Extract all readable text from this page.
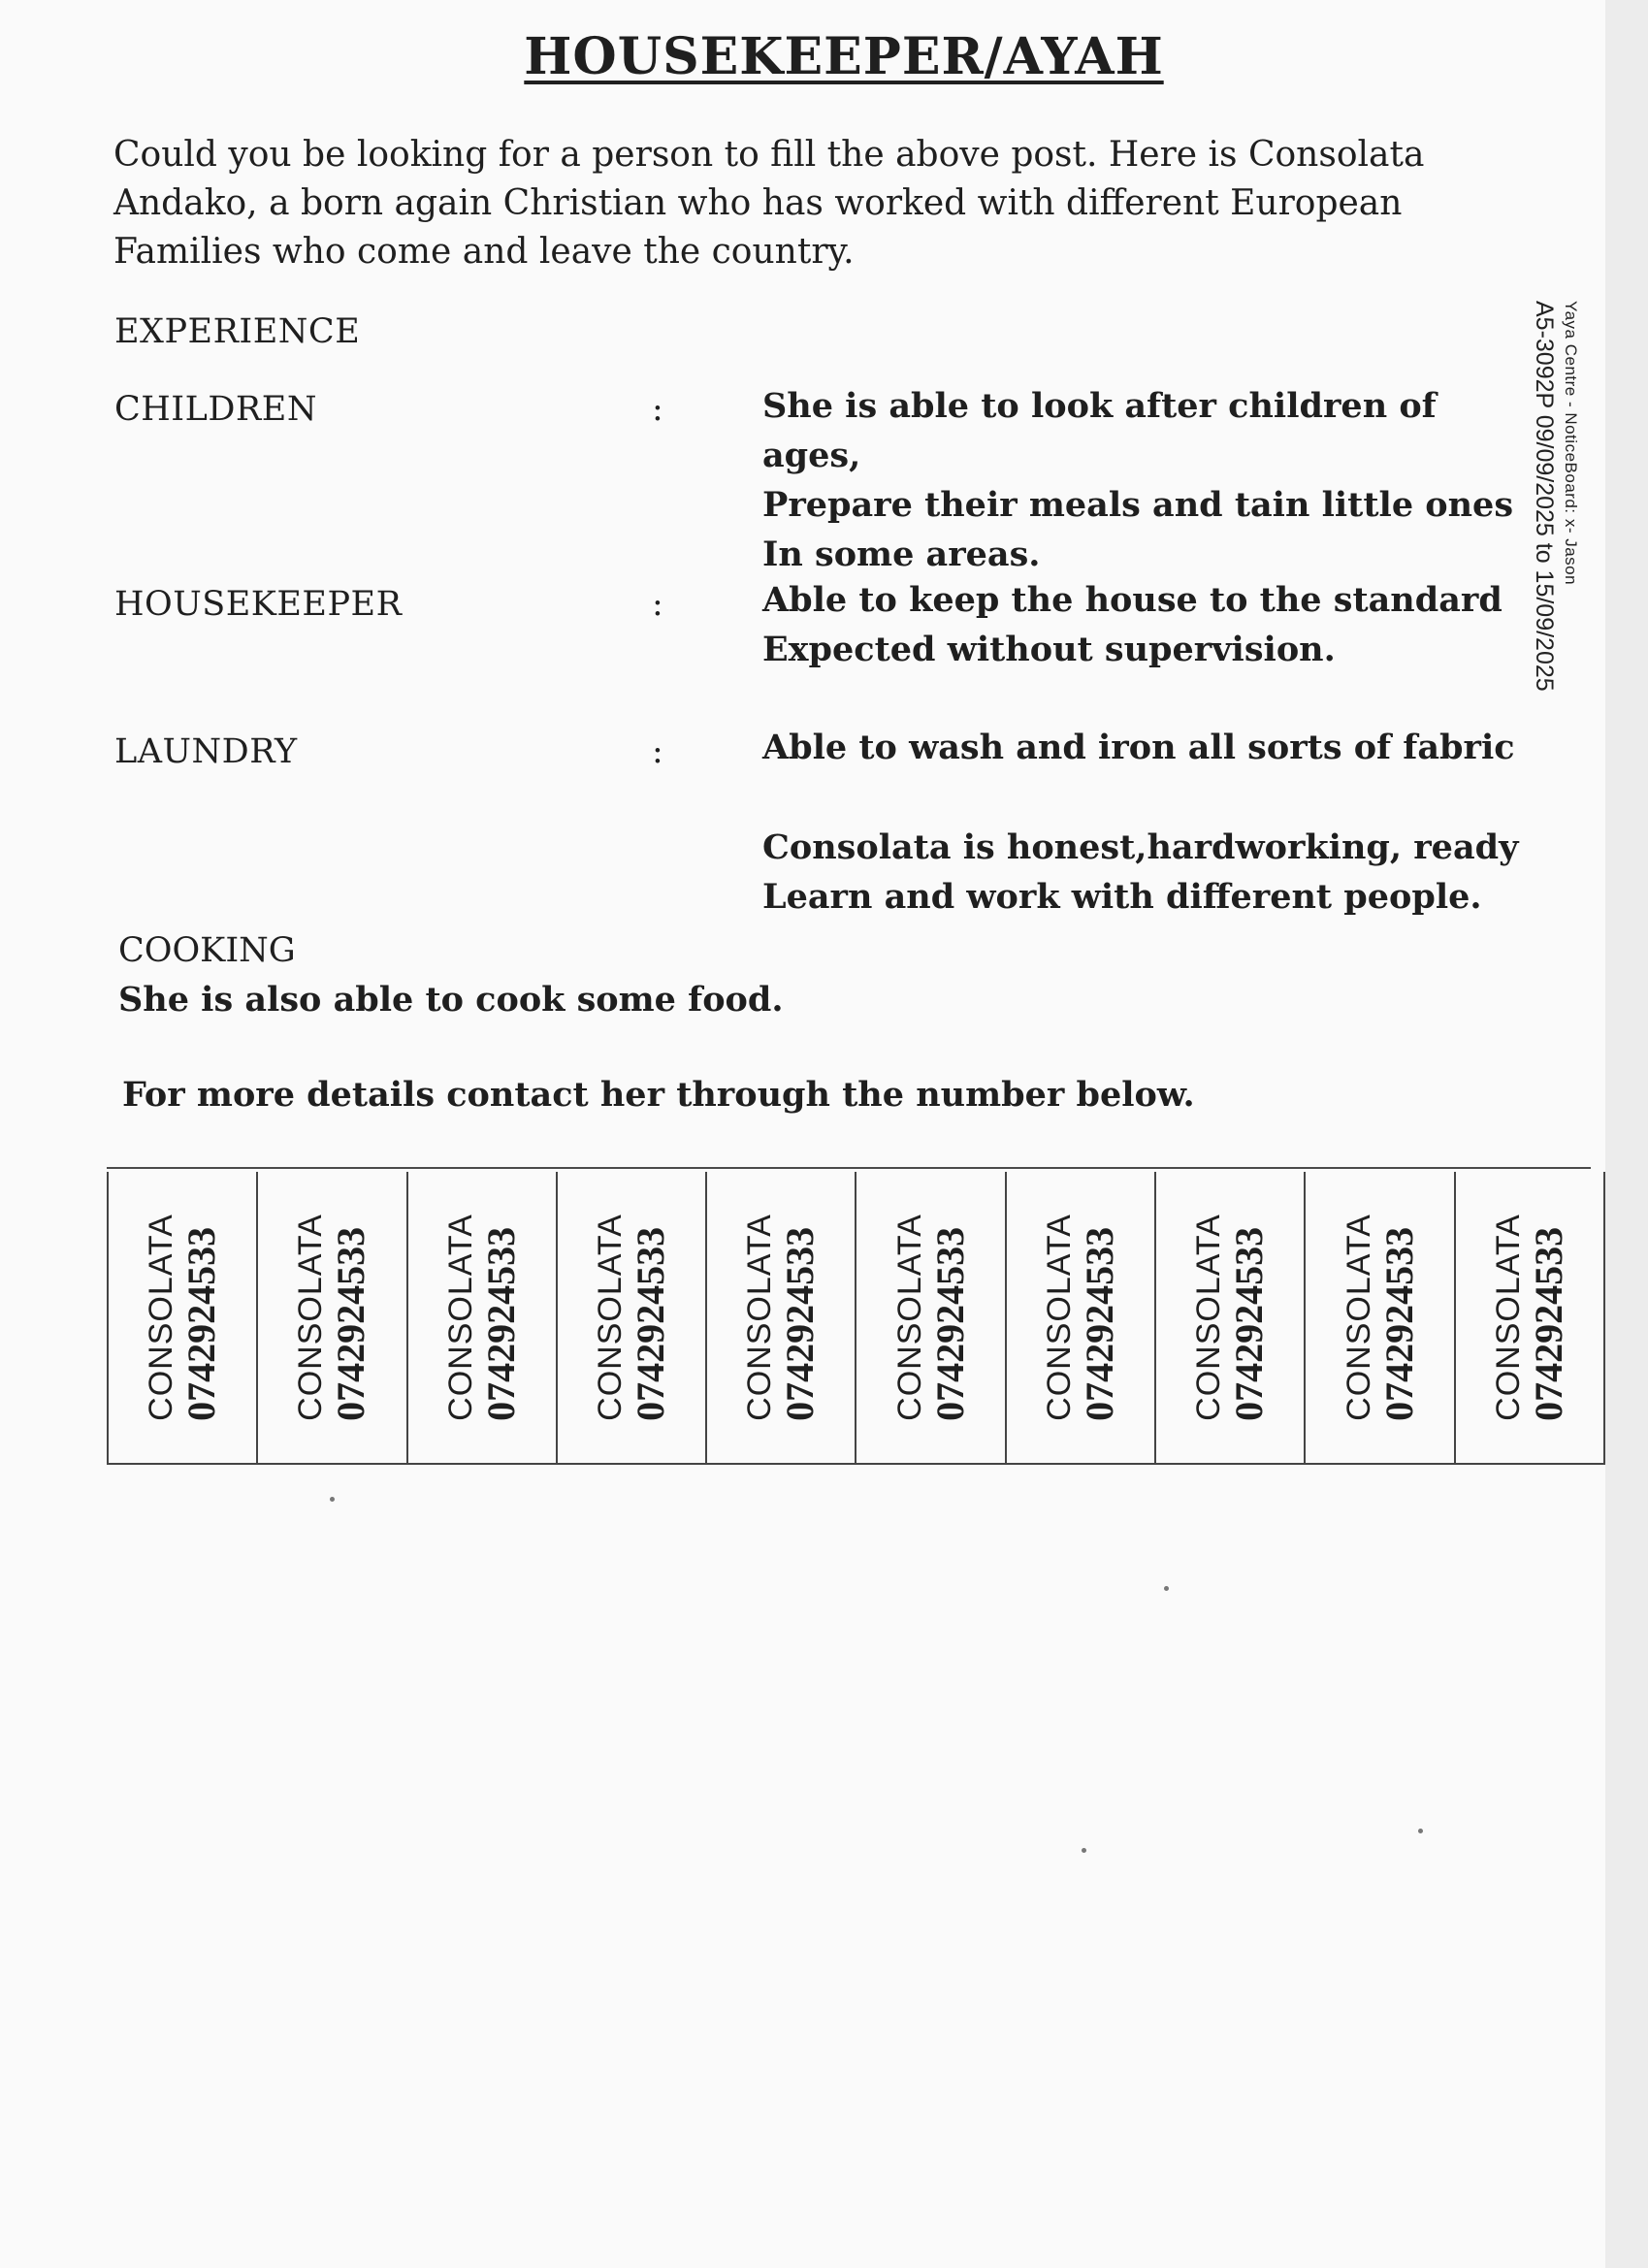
HOUSEKEEPER/AYAH
Could you be looking for a person to fill the above post. Here is Consolata Andako, a born again Christian who has worked with different European Families who come and leave the country.
EXPERIENCE
CHILDREN	:	She is able to look after children of ages,
Prepare their meals and tain little ones
In some areas.
HOUSEKEEPER	:	Able to keep the house to the standard
Expected without supervision.
LAUNDRY	:	Able to wash and iron all sorts of fabric
Consolata is honest,hardworking, ready
Learn and work with different people.
COOKING
She is also able to cook some food.
For more details contact her through the number below.
CONSOLATA 0742924533 CONSOLATA 0742924533 CONSOLATA 0742924533 CONSOLATA 0742924533 CONSOLATA 0742924533 CONSOLATA 0742924533 CONSOLATA 0742924533 CONSOLATA 0742924533 CONSOLATA 0742924533 CONSOLATA 0742924533
Yaya Centre - NoticeBoard: x- Jason
A5-3092P 09/09/2025 to 15/09/2025
